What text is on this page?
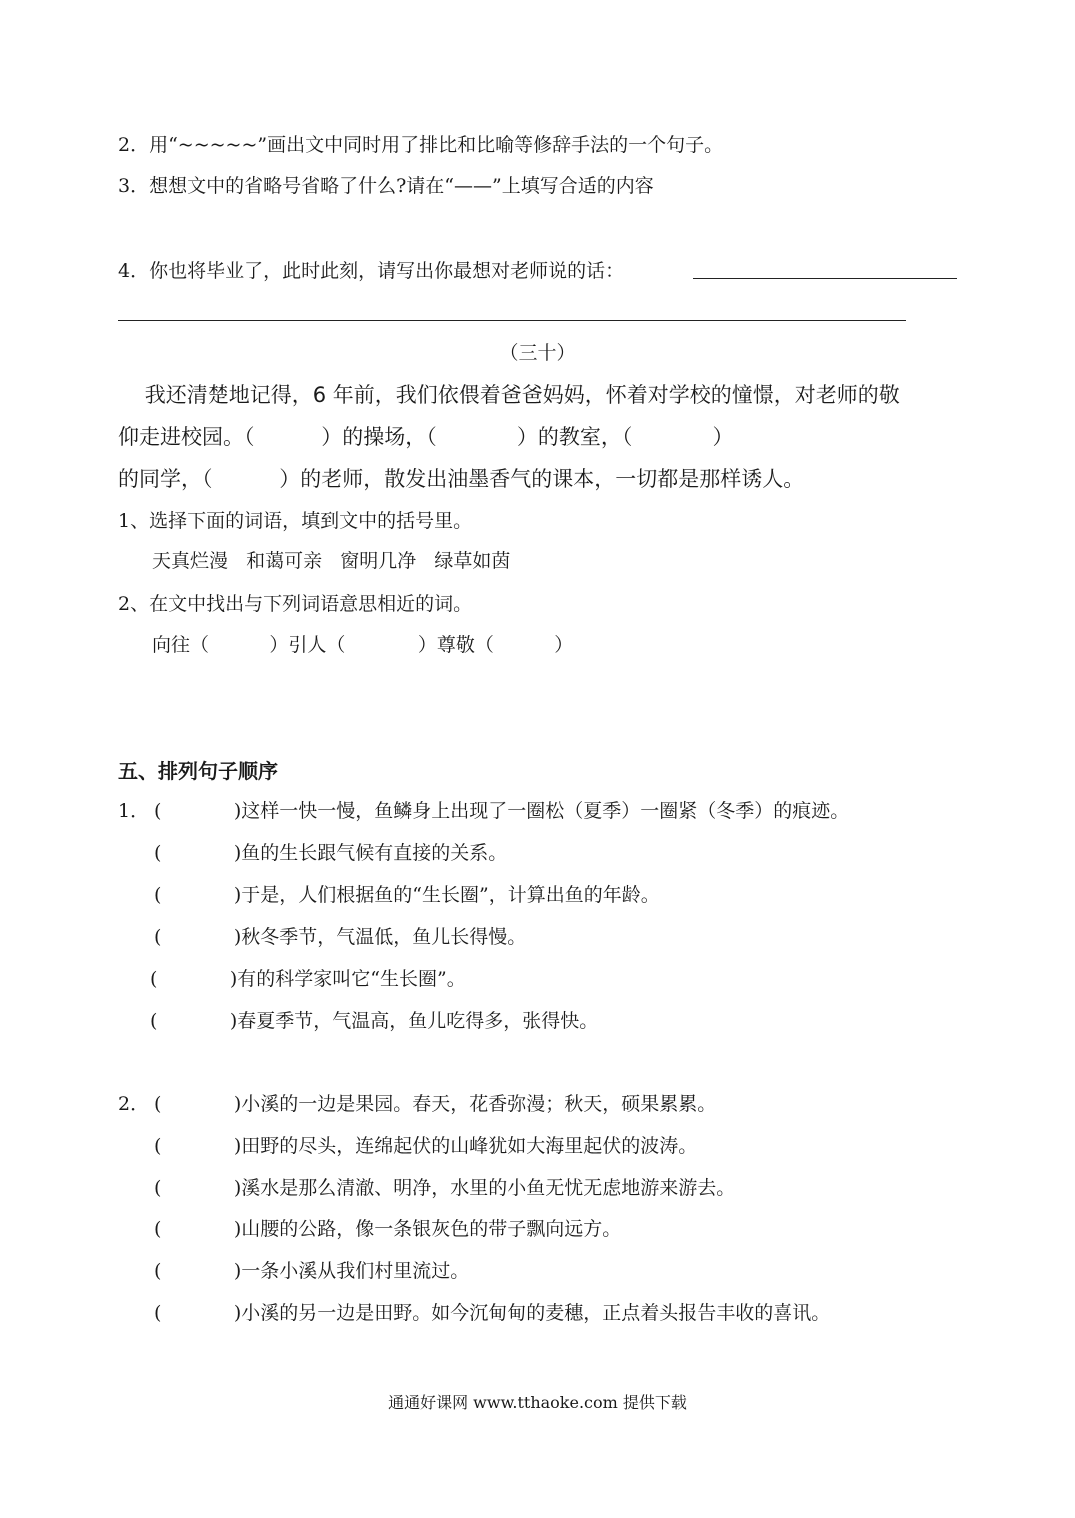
2．用“~~~~~”画出文中同时用了排比和比喻等修辞手法的一个句子。
3．想想文中的省略号省略了什么?请在“——”上填写合适的内容
4．你也将毕业了，此时此刻，请写出你最想对老师说的话：
（三十）
我还清楚地记得，6 年前，我们依偎着爸爸妈妈，怀着对学校的憧憬，对老师的敬
仰走进校园。（          ）的操场，（            ）的教室，（            ）
的同学，（          ）的老师，散发出油墨香气的课本，一切都是那样诱人。
1、选择下面的词语，填到文中的括号里。
天真烂漫   和蔼可亲   窗明几净   绿草如茵
2、在文中找出与下列词语意思相近的词。
向往（          ）引人（            ）尊敬（          ）
五、排列句子顺序
1． (            )这样一快一慢，鱼鳞身上出现了一圈松（夏季）一圈紧（冬季）的痕迹。
(            )鱼的生长跟气候有直接的关系。
(            )于是，人们根据鱼的“生长圈”，计算出鱼的年龄。
(            )秋冬季节，气温低，鱼儿长得慢。
(            )有的科学家叫它“生长圈”。
(            )春夏季节，气温高，鱼儿吃得多，张得快。
2． (            )小溪的一边是果园。春天，花香弥漫；秋天，硕果累累。
(            )田野的尽头，连绵起伏的山峰犹如大海里起伏的波涛。
(            )溪水是那么清澈、明净，水里的小鱼无忧无虑地游来游去。
(            )山腰的公路，像一条银灰色的带子飘向远方。
(            )一条小溪从我们村里流过。
(            )小溪的另一边是田野。如今沉甸甸的麦穗，正点着头报告丰收的喜讯。
通通好课网 www.tthaoke.com 提供下载
